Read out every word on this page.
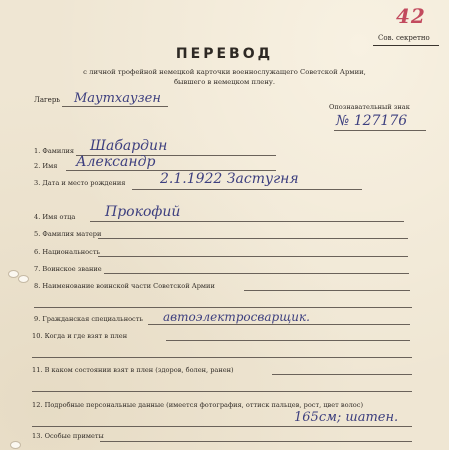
42
Сов. секретно
ПЕРЕВОД
с личной трофейной немецкой карточки военнослужащего Советской Армии,
бывшего в немецком плену.
Лагерь Маутхаузен
Опознавательный знак
№ 127176
1. Фамилия Шабардин
2. Имя Александр
3. Дата и место рождения 2.1.1922 Застугня
4. Имя отца Прокофий
5. Фамилия матери
6. Национальность
7. Воинское звание
8. Наименование воинской части Советской Армии
9. Гражданская специальность автоэлектросварщик.
10. Когда и где взят в плен
11. В каком состоянии взят в плен (здоров, болен, ранен)
12. Подробные персональные данные (имеется фотография, оттиск пальцев, рост, цвет волос)
165см; шатен.
13. Особые приметы
